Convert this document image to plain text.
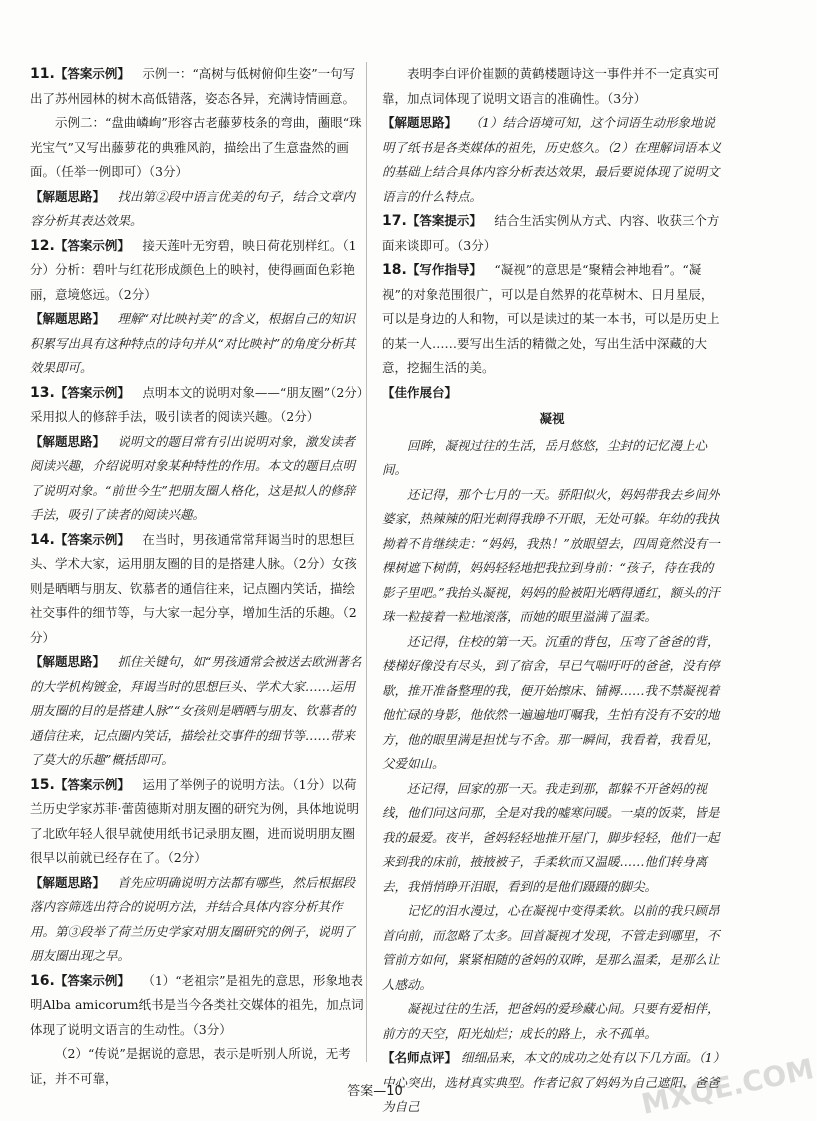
11.【答案示例】  示例一：“高树与低树俯仰生姿”一句写出了苏州园林的树木高低错落，姿态各异，充满诗情画意。
示例二：“盘曲嶙峋”形容古老藤萝枝条的弯曲，蔨眼“珠光宝气”又写出藤萝花的典雅风韵，描绘出了生意盎然的画面。（任举一例即可）（3分）
【解题思路】  找出第②段中语言优美的句子，结合文章内容分析其表达效果。
12.【答案示例】  接天莲叶无穷碧，映日荷花别样红。（1分）分析：碧叶与红花形成颜色上的映衬，使得画面色彩艳丽，意境悠远。（2分）
【解题思路】  理解“对比映衬美”的含义，根据自己的知识积累写出具有这种特点的诗句并从“对比映衬”的角度分析其效果即可。
13.【答案示例】  点明本文的说明对象——“朋友圈”（2分）采用拟人的修辞手法，吸引读者的阅读兴趣。（2分）
【解题思路】  说明文的题目常有引出说明对象，激发读者阅读兴趣，介绍说明对象某种特性的作用。本文的题目点明了说明对象。“前世今生”把朋友圈人格化，这是拟人的修辞手法，吸引了读者的阅读兴趣。
14.【答案示例】  在当时，男孩通常常拜谒当时的思想巨头、学术大家，运用朋友圈的目的是搭建人脉。（2分）女孩则是晒晒与朋友、钦慕者的通信往来，记点圈内笑话，描绘社交事件的细节等，与大家一起分享，增加生活的乐趣。（2分）
【解题思路】  抓住关键句，如“男孩通常会被送去欧洲著名的大学机构镀金，拜谒当时的思想巨头、学术大家……运用朋友圈的目的是搭建人脉”“女孩则是晒晒与朋友、钦慕者的通信往来，记点圈内笑话，描绘社交事件的细节等……带来了莫大的乐趣”概括即可。
15.【答案示例】  运用了举例子的说明方法。（1分）以荷兰历史学家苏菲·蕾茵德斯对朋友圈的研究为例，具体地说明了北欧年轻人很早就使用纸书记录朋友圈，进而说明朋友圈很早以前就已经存在了。（2分）
【解题思路】  首先应明确说明方法都有哪些，然后根据段落内容筛选出符合的说明方法，并结合具体内容分析其作用。第③段举了荷兰历史学家对朋友圈研究的例子，说明了朋友圈出现之早。
16.【答案示例】  （1）“老祖宗”是祖先的意思，形象地表明Alba amicorum纸书是当今各类社交媒体的祖先，加点词体现了说明文语言的生动性。（3分）
（2）“传说”是据说的意思，表示是听别人所说，无考证，并不可靠，
表明李白评价崔颢的黄鹤楼题诗这一事件并不一定真实可靠，加点词体现了说明文语言的准确性。（3分）
【解题思路】  （1）结合语境可知，这个词语生动形象地说明了纸书是各类媒体的祖先，历史悠久。（2）在理解词语本义的基础上结合具体内容分析表达效果，最后要说体现了说明文语言的什么特点。
17.【答案提示】  结合生活实例从方式、内容、收获三个方面来谈即可。（3分）
18.【写作指导】  “凝视”的意思是“聚精会神地看”。“凝视”的对象范围很广，可以是自然界的花草树木、日月星辰，可以是身边的人和物，可以是读过的某一本书，可以是历史上的某一人……要写出生活的精微之处，写出生活中深藏的大意，挖掘生活的美。
【佳作展台】 
凝视

回眸，凝视过往的生活，岳月悠悠，尘封的记忆漫上心间。

还记得，那个七月的一天。骄阳似火，妈妈带我去乡间外婆家，热辣辣的阳光刺得我睁不开眼，无处可躲。年幼的我执拗着不肯继续走：“妈妈，我热！”放眼望去，四周竟然没有一棵树遮下树荫，妈妈轻轻地把我拉到身前：“孩子，待在我的影子里吧。”我抬头凝视，妈妈的脸被阳光晒得通红，额头的汗珠一粒接着一粒地滚落，而她的眼里溢满了温柔。

还记得，住校的第一天。沉重的背包，压弯了爸爸的背，楼梯好像没有尽头，到了宿舍，早已气喘吁吁的爸爸，没有停歇，推开准备整理的我，便开始擦床、铺褥……我不禁凝视着他忙碌的身影，他依然一遍遍地叮嘱我，生怕有没有不安的地方，他的眼里满是担忧与不舍。那一瞬间，我看着，我看见，父爱如山。

还记得，回家的那一天。我走到那，都躲不开爸妈的视线，他们问这问那，全是对我的嘘寒问暖。一桌的饭菜，皆是我的最爱。夜半，爸妈轻轻地推开屋门，脚步轻轻，他们一起来到我的床前，掖掖被子，手柔软而又温暖……他们转身离去，我悄悄睁开泪眼，看到的是他们蹑蹑的脚尖。

记忆的泪水漫过，心在凝视中变得柔软。以前的我只顾昂首向前，而忽略了太多。回首凝视才发现，不管走到哪里，不管前方如何，紧紧相随的爸妈的双眸，是那么温柔，是那么让人感动。

凝视过往的生活，把爸妈的爱珍藏心间。只要有爱相伴，前方的天空，阳光灿烂；成长的路上，永不孤单。

【名师点评】 细细品来，本文的成功之处有以下几方面。（1）中心突出，选材真实典型。作者记叙了妈妈为自己遮阳、爸爸为自己
答案—10	MXQE.COM
